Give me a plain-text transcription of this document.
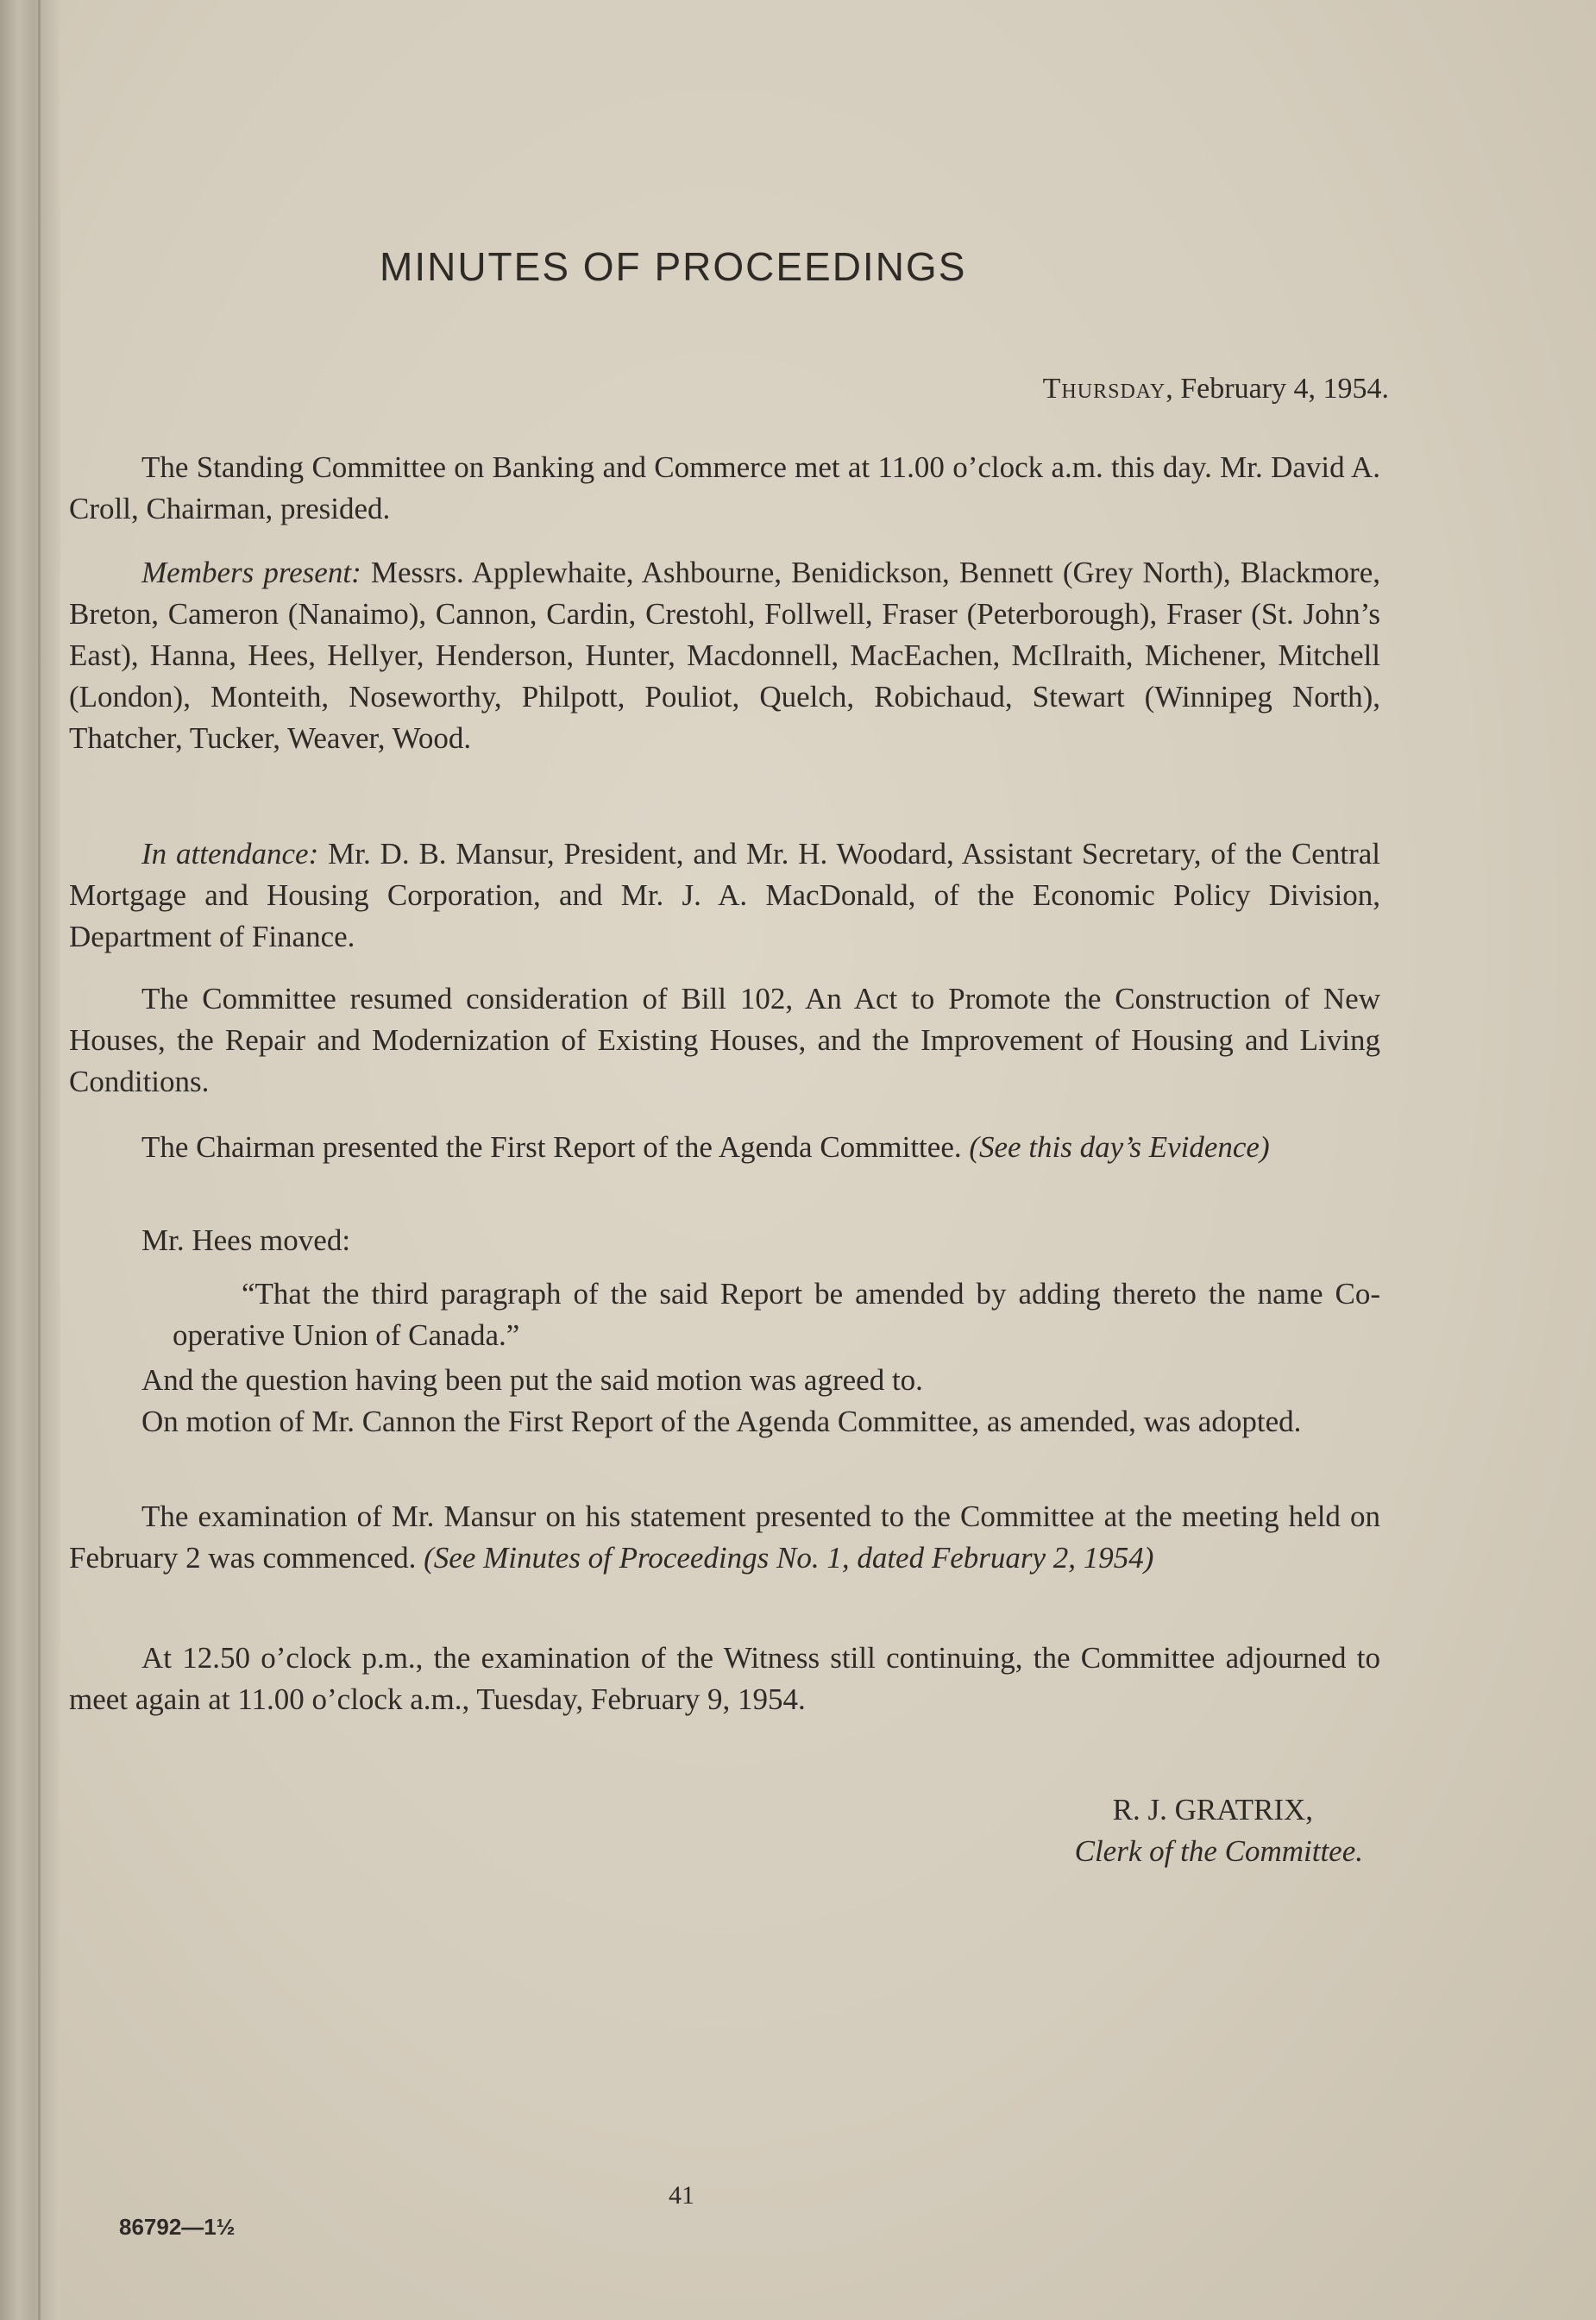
MINUTES OF PROCEEDINGS
Thursday, February 4, 1954.
The Standing Committee on Banking and Commerce met at 11.00 o’clock a.m. this day. Mr. David A. Croll, Chairman, presided.
Members present: Messrs. Applewhaite, Ashbourne, Benidickson, Bennett (Grey North), Blackmore, Breton, Cameron (Nanaimo), Cannon, Cardin, Crestohl, Follwell, Fraser (Peterborough), Fraser (St. John’s East), Hanna, Hees, Hellyer, Henderson, Hunter, Macdonnell, MacEachen, McIlraith, Michener, Mitchell (London), Monteith, Noseworthy, Philpott, Pouliot, Quelch, Robichaud, Stewart (Winnipeg North), Thatcher, Tucker, Weaver, Wood.
In attendance: Mr. D. B. Mansur, President, and Mr. H. Woodard, Assistant Secretary, of the Central Mortgage and Housing Corporation, and Mr. J. A. MacDonald, of the Economic Policy Division, Department of Finance.
The Committee resumed consideration of Bill 102, An Act to Promote the Construction of New Houses, the Repair and Modernization of Existing Houses, and the Improvement of Housing and Living Conditions.
The Chairman presented the First Report of the Agenda Committee. (See this day’s Evidence)
Mr. Hees moved:
“That the third paragraph of the said Report be amended by adding thereto the name Co-operative Union of Canada.”
And the question having been put the said motion was agreed to.
On motion of Mr. Cannon the First Report of the Agenda Committee, as amended, was adopted.
The examination of Mr. Mansur on his statement presented to the Committee at the meeting held on February 2 was commenced. (See Minutes of Proceedings No. 1, dated February 2, 1954)
At 12.50 o’clock p.m., the examination of the Witness still continuing, the Committee adjourned to meet again at 11.00 o’clock a.m., Tuesday, February 9, 1954.
R. J. GRATRIX,
Clerk of the Committee.
41
86792—1½
